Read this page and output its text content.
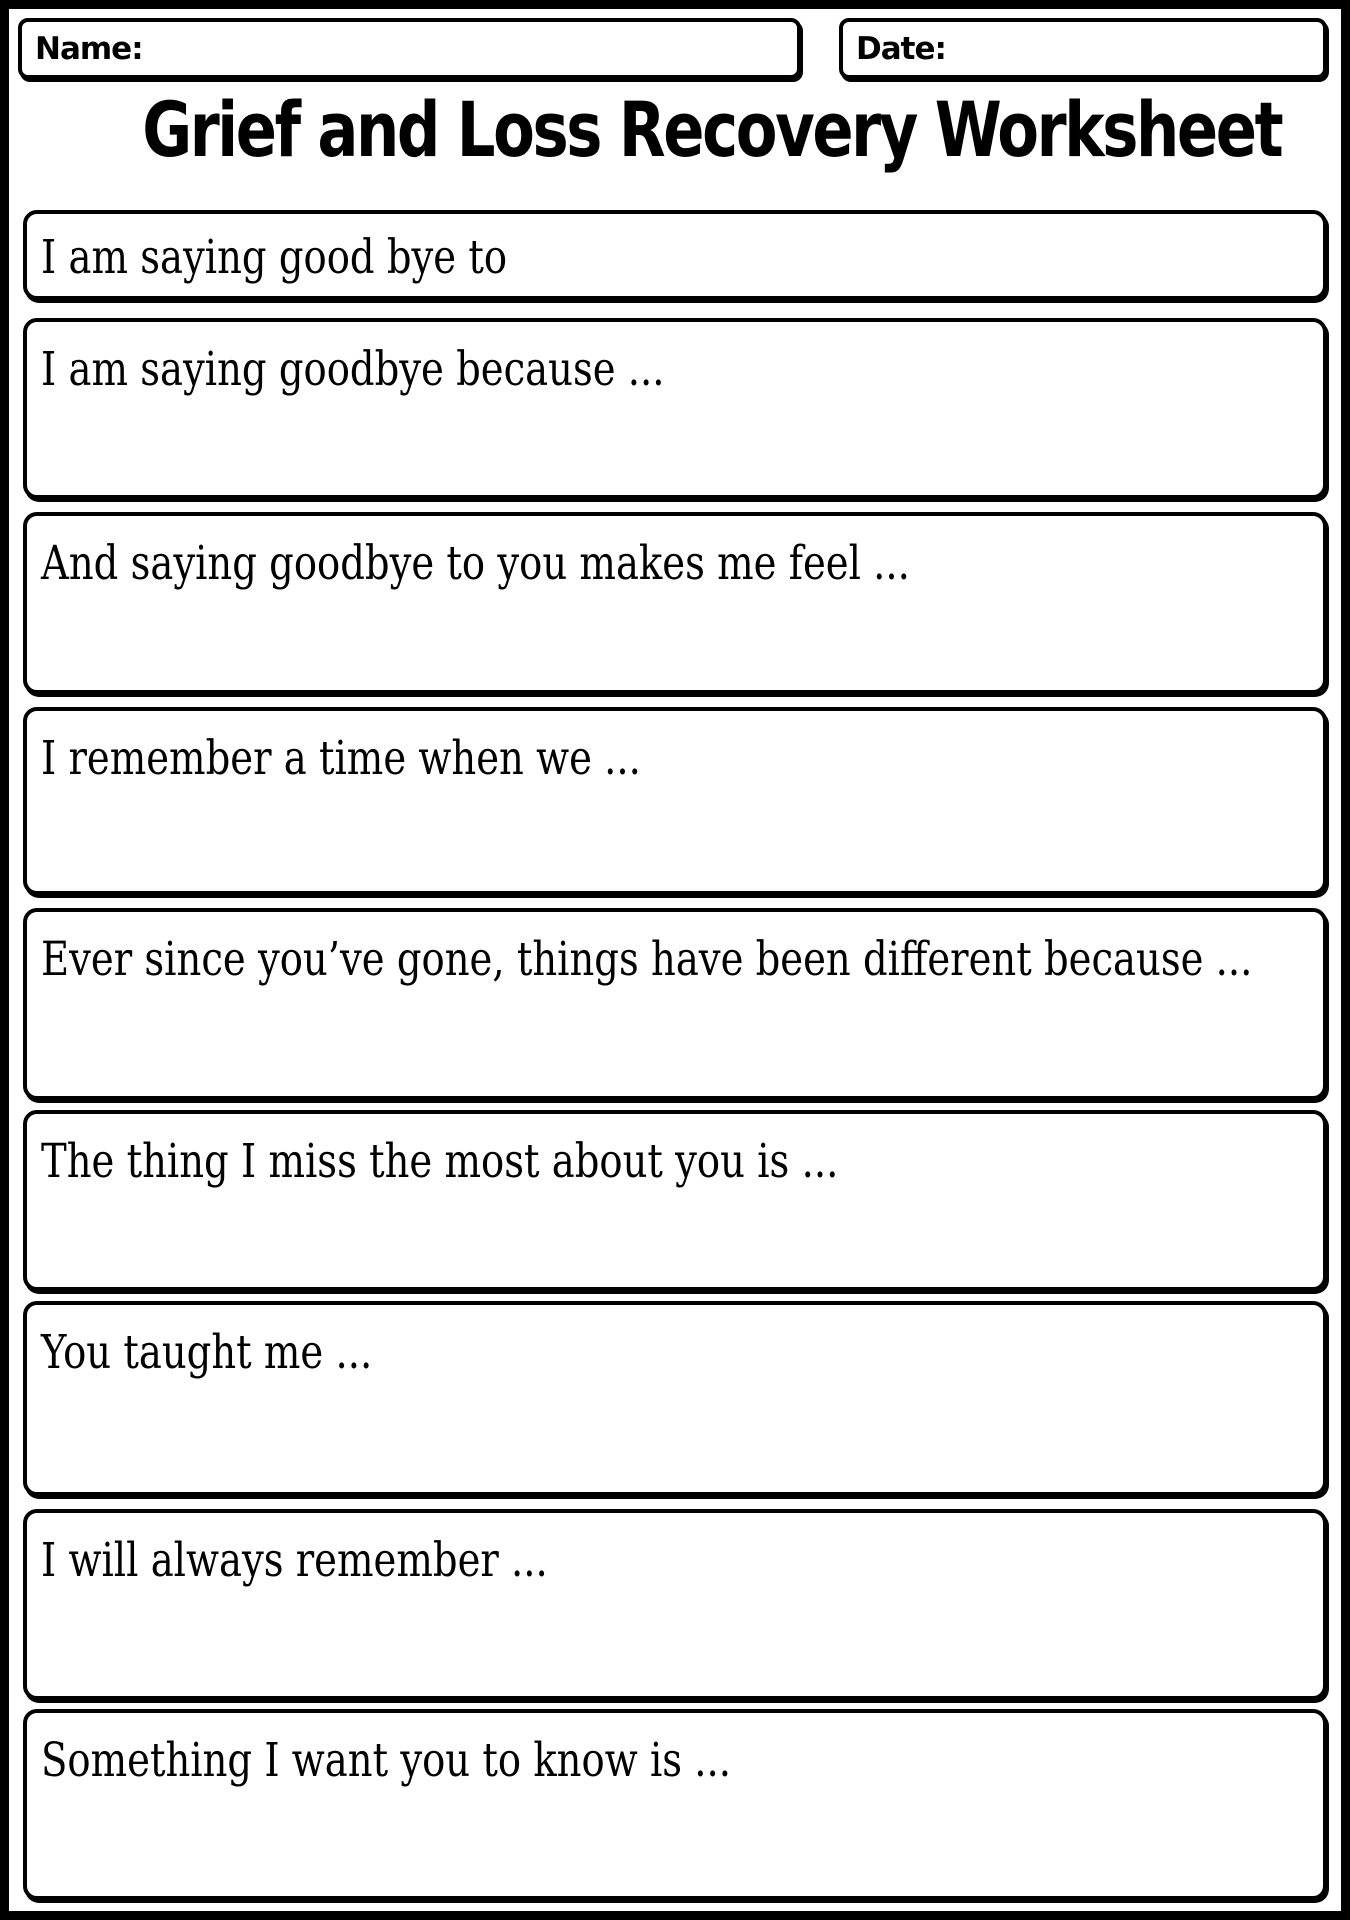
Name:	Date:
Grief and Loss Recovery Worksheet
I am saying good bye to
I am saying goodbye because ...
And saying goodbye to you makes me feel ...
I remember a time when we ...
Ever since you’ve gone, things have been different because ...
The thing I miss the most about you is ...
You taught me ...
I will always remember ...
Something I want you to know is ...
